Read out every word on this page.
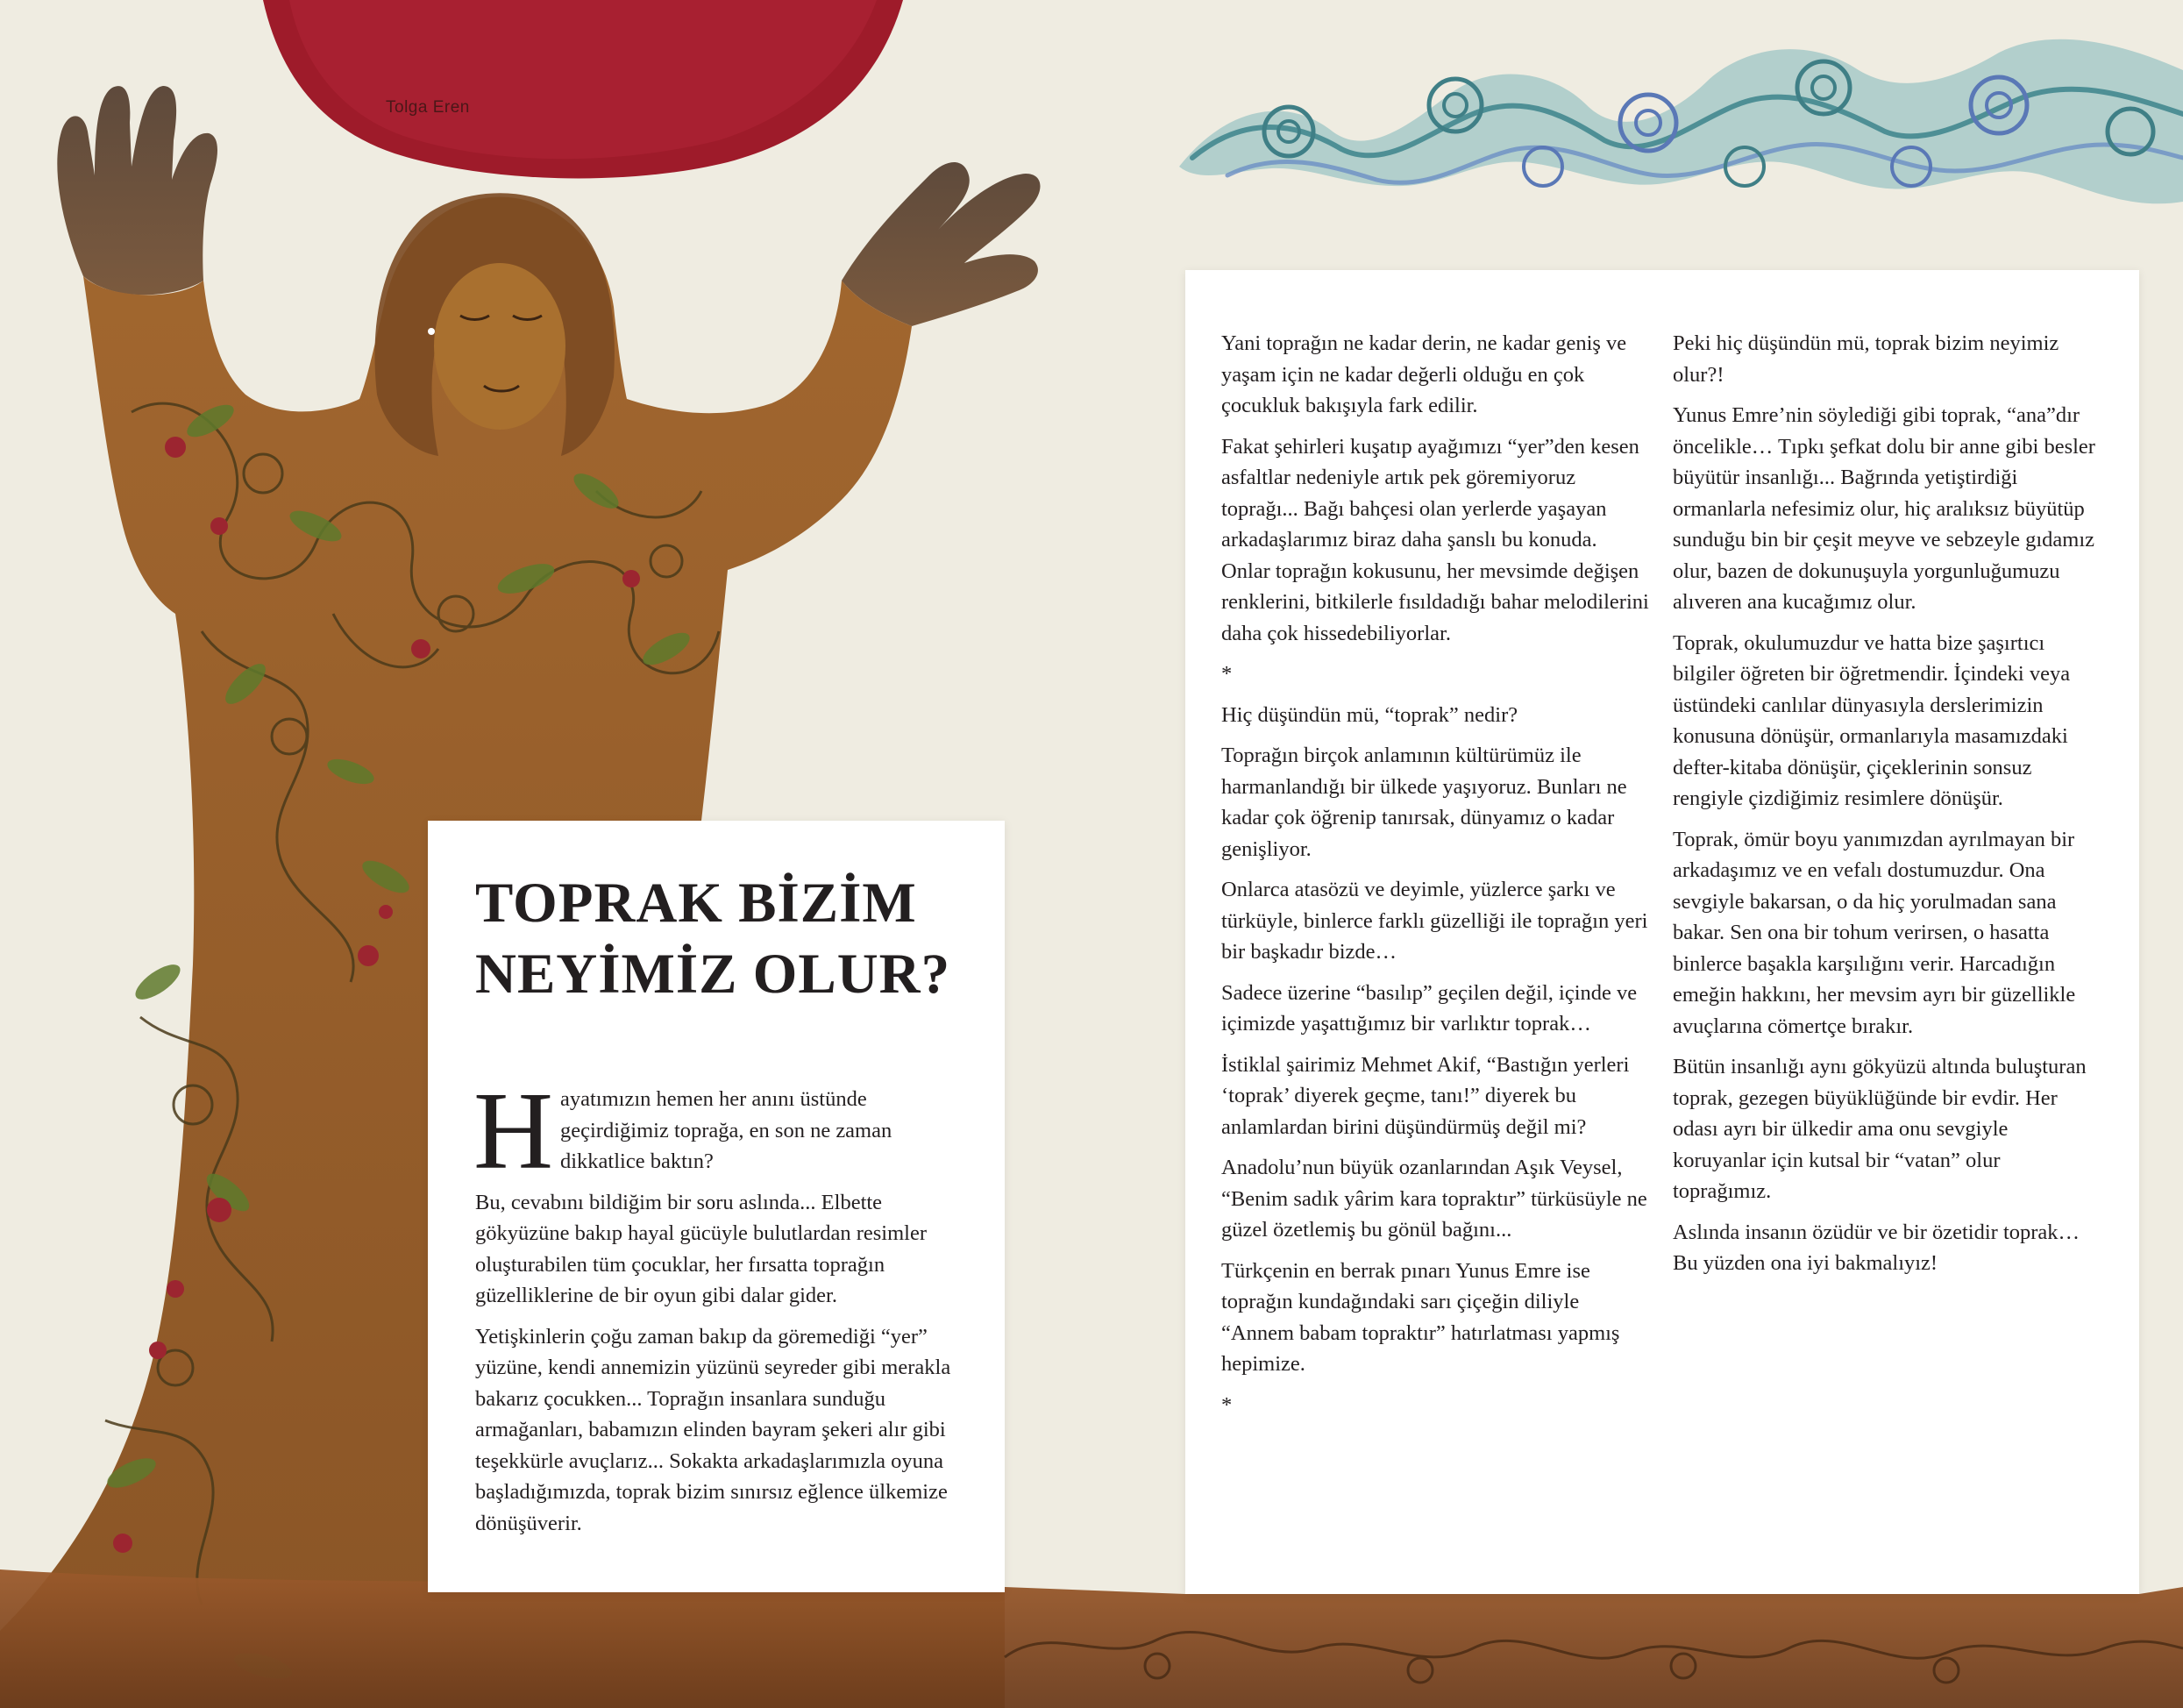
Tolga Eren
TOPRAK BİZİM
NEYİMİZ OLUR?

Hayatımızın hemen her anını üstünde geçirdiğimiz toprağa, en son ne zaman dikkatlice baktın?

Bu, cevabını bildiğim bir soru aslında... Elbette gökyüzüne bakıp hayal gücüyle bulutlardan resimler oluşturabilen tüm çocuklar, her fırsatta toprağın güzelliklerine de bir oyun gibi dalar gider.

Yetişkinlerin çoğu zaman bakıp da göremediği “yer” yüzüne, kendi annemizin yüzünü seyreder gibi merakla bakarız çocukken... Toprağın insanlara sunduğu armağanları, babamızın elinden bayram şekeri alır gibi teşekkürle avuçlarız... Sokakta arkadaşlarımızla oyuna başladığımızda, toprak bizim sınırsız eğlence ülkemize dönüşüverir.

Yani toprağın ne kadar derin, ne kadar geniş ve yaşam için ne kadar değerli olduğu en çok çocukluk bakışıyla fark edilir.

Fakat şehirleri kuşatıp ayağımızı “yer”den kesen asfaltlar nedeniyle artık pek göremiyoruz toprağı... Bağı bahçesi olan yerlerde yaşayan arkadaşlarımız biraz daha şanslı bu konuda. Onlar toprağın kokusunu, her mevsimde değişen renklerini, bitkilerle fısıldadığı bahar melodilerini daha çok hissedebiliyorlar.

*

Hiç düşündün mü, “toprak” nedir?

Toprağın birçok anlamının kültürümüz ile harmanlandığı bir ülkede yaşıyoruz. Bunları ne kadar çok öğrenip tanırsak, dünyamız o kadar genişliyor.

Onlarca atasözü ve deyimle, yüzlerce şarkı ve türküyle, binlerce farklı güzelliği ile toprağın yeri bir başkadır bizde…

Sadece üzerine “basılıp” geçilen değil, içinde ve içimizde yaşattığımız bir varlıktır toprak…

İstiklal şairimiz Mehmet Akif, “Bastığın yerleri ‘toprak’ diyerek geçme, tanı!” diyerek bu anlamlardan birini düşündürmüş değil mi?

Anadolu’nun büyük ozanlarından Aşık Veysel, “Benim sadık yârim kara topraktır” türküsüyle ne güzel özetlemiş bu gönül bağını...

Türkçenin en berrak pınarı Yunus Emre ise toprağın kundağındaki sarı çiçeğin diliyle “Annem babam topraktır” hatırlatması yapmış hepimize.

*

Peki hiç düşündün mü, toprak bizim neyimiz olur?!

Yunus Emre’nin söylediği gibi toprak, “ana”dır öncelikle… Tıpkı şefkat dolu bir anne gibi besler büyütür insanlığı... Bağrında yetiştirdiği ormanlarla nefesimiz olur, hiç aralıksız büyütüp sunduğu bin bir çeşit meyve ve sebzeyle gıdamız olur, bazen de dokunuşuyla yorgunluğumuzu alıveren ana kucağımız olur.

Toprak, okulumuzdur ve hatta bize şaşırtıcı bilgiler öğreten bir öğretmendir. İçindeki veya üstündeki canlılar dünyasıyla derslerimizin konusuna dönüşür, ormanlarıyla masamızdaki defter-kitaba dönüşür, çiçeklerinin sonsuz rengiyle çizdiğimiz resimlere dönüşür.

Toprak, ömür boyu yanımızdan ayrılmayan bir arkadaşımız ve en vefalı dostumuzdur. Ona sevgiyle bakarsan, o da hiç yorulmadan sana bakar. Sen ona bir tohum verirsen, o hasatta binlerce başakla karşılığını verir. Harcadığın emeğin hakkını, her mevsim ayrı bir güzellikle avuçlarına cömertçe bırakır.

Bütün insanlığı aynı gökyüzü altında buluşturan toprak, gezegen büyüklüğünde bir evdir. Her odası ayrı bir ülkedir ama onu sevgiyle koruyanlar için kutsal bir “vatan” olur toprağımız.

Aslında insanın özüdür ve bir özetidir toprak… Bu yüzden ona iyi bakmalıyız!
